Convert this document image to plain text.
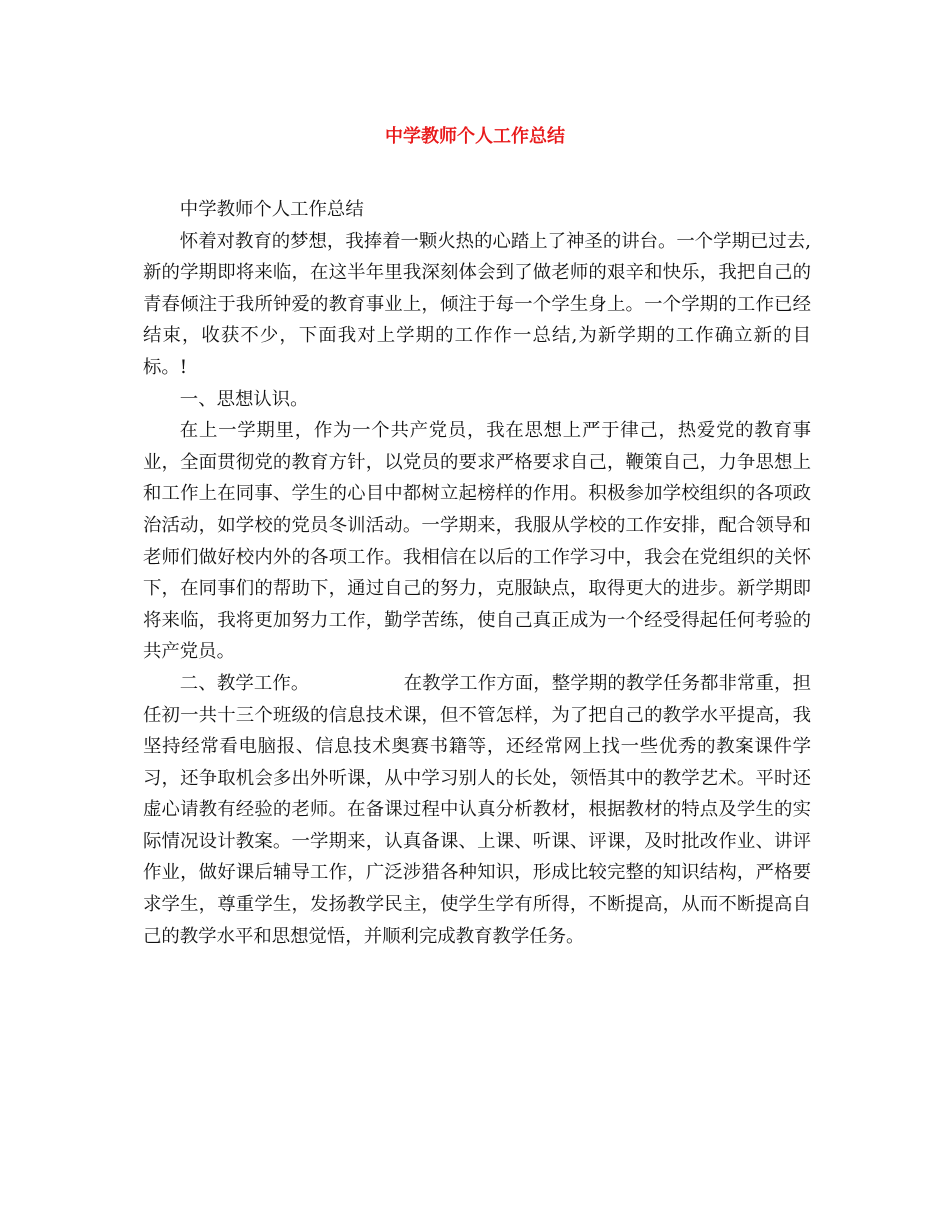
中学教师个人工作总结

中学教师个人工作总结

怀着对教育的梦想，我捧着一颗火热的心踏上了神圣的讲台。一个学期已过去,新的学期即将来临，在这半年里我深刻体会到了做老师的艰辛和快乐，我把自己的青春倾注于我所钟爱的教育事业上，倾注于每一个学生身上。一个学期的工作已经结束，收获不少，下面我对上学期的工作作一总结,为新学期的工作确立新的目标。!

一、思想认识。

在上一学期里，作为一个共产党员，我在思想上严于律己，热爱党的教育事业，全面贯彻党的教育方针，以党员的要求严格要求自己，鞭策自己，力争思想上和工作上在同事、学生的心目中都树立起榜样的作用。积极参加学校组织的各项政治活动，如学校的党员冬训活动。一学期来，我服从学校的工作安排，配合领导和老师们做好校内外的各项工作。我相信在以后的工作学习中，我会在党组织的关怀下，在同事们的帮助下，通过自己的努力，克服缺点，取得更大的进步。新学期即将来临，我将更加努力工作，勤学苦练，使自己真正成为一个经受得起任何考验的共产党员。

二、教学工作。	在教学工作方面，整学期的教学任务都非常重，担任初一共十三个班级的信息技术课，但不管怎样，为了把自己的教学水平提高，我坚持经常看电脑报、信息技术奥赛书籍等，还经常网上找一些优秀的教案课件学习，还争取机会多出外听课，从中学习别人的长处，领悟其中的教学艺术。平时还虚心请教有经验的老师。在备课过程中认真分析教材，根据教材的特点及学生的实际情况设计教案。一学期来，认真备课、上课、听课、评课，及时批改作业、讲评作业，做好课后辅导工作，广泛涉猎各种知识，形成比较完整的知识结构，严格要求学生，尊重学生，发扬教学民主，使学生学有所得，不断提高，从而不断提高自己的教学水平和思想觉悟，并顺利完成教育教学任务。
